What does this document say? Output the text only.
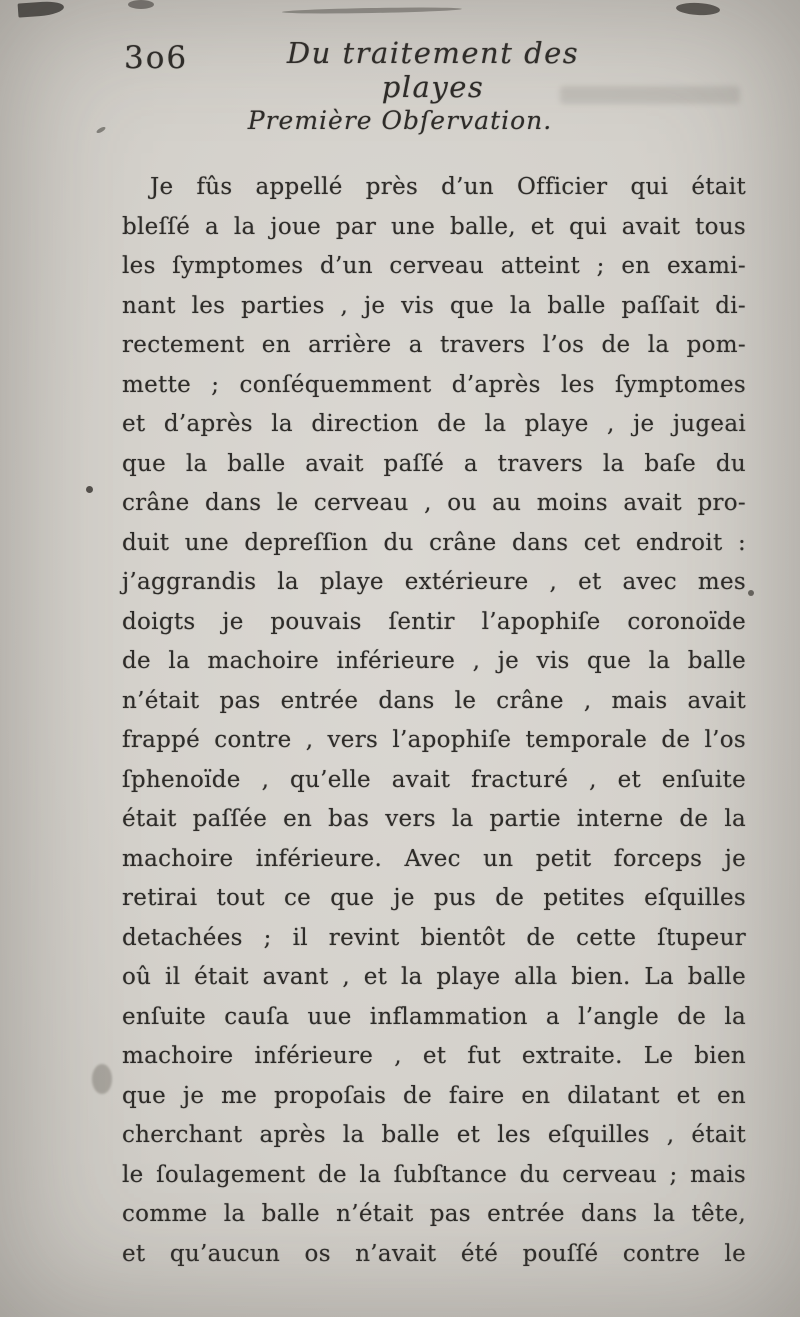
3o6	Du traitement des playes
Première Obſervation.
Je fûs appellé près d’un Officier qui était
bleſſé a la joue par une balle, et qui avait tous
les ſymptomes d’un cerveau atteint ; en exami-
nant les parties , je vis que la balle paſſait di-
rectement en arrière a travers l’os de la pom-
mette ; conſéquemment d’après les ſymptomes
et d’après la direction de la playe , je jugeai
que la balle avait paſſé a travers la baſe du
crâne dans le cerveau , ou au moins avait pro-
duit une depreſſion du crâne dans cet endroit :
j’aggrandis la playe extérieure , et avec mes
doigts je pouvais ſentir l’apophiſe coronoïde
de la machoire inférieure , je vis que la balle
n’était pas entrée dans le crâne , mais avait
frappé contre , vers l’apophiſe temporale de l’os
ſphenoïde , qu’elle avait fracturé , et enſuite
était paſſée en bas vers la partie interne de la
machoire inférieure. Avec un petit forceps je
retirai tout ce que je pus de petites eſquilles
detachées ; il revint bientôt de cette ſtupeur
oû il était avant , et la playe alla bien. La balle
enſuite cauſa uue inflammation a l’angle de la
machoire inférieure , et fut extraite. Le bien
que je me propoſais de faire en dilatant et en
cherchant après la balle et les eſquilles , était
le ſoulagement de la ſubſtance du cerveau ; mais
comme la balle n’était pas entrée dans la tête,
et qu’aucun os n’avait été pouſſé contre le
